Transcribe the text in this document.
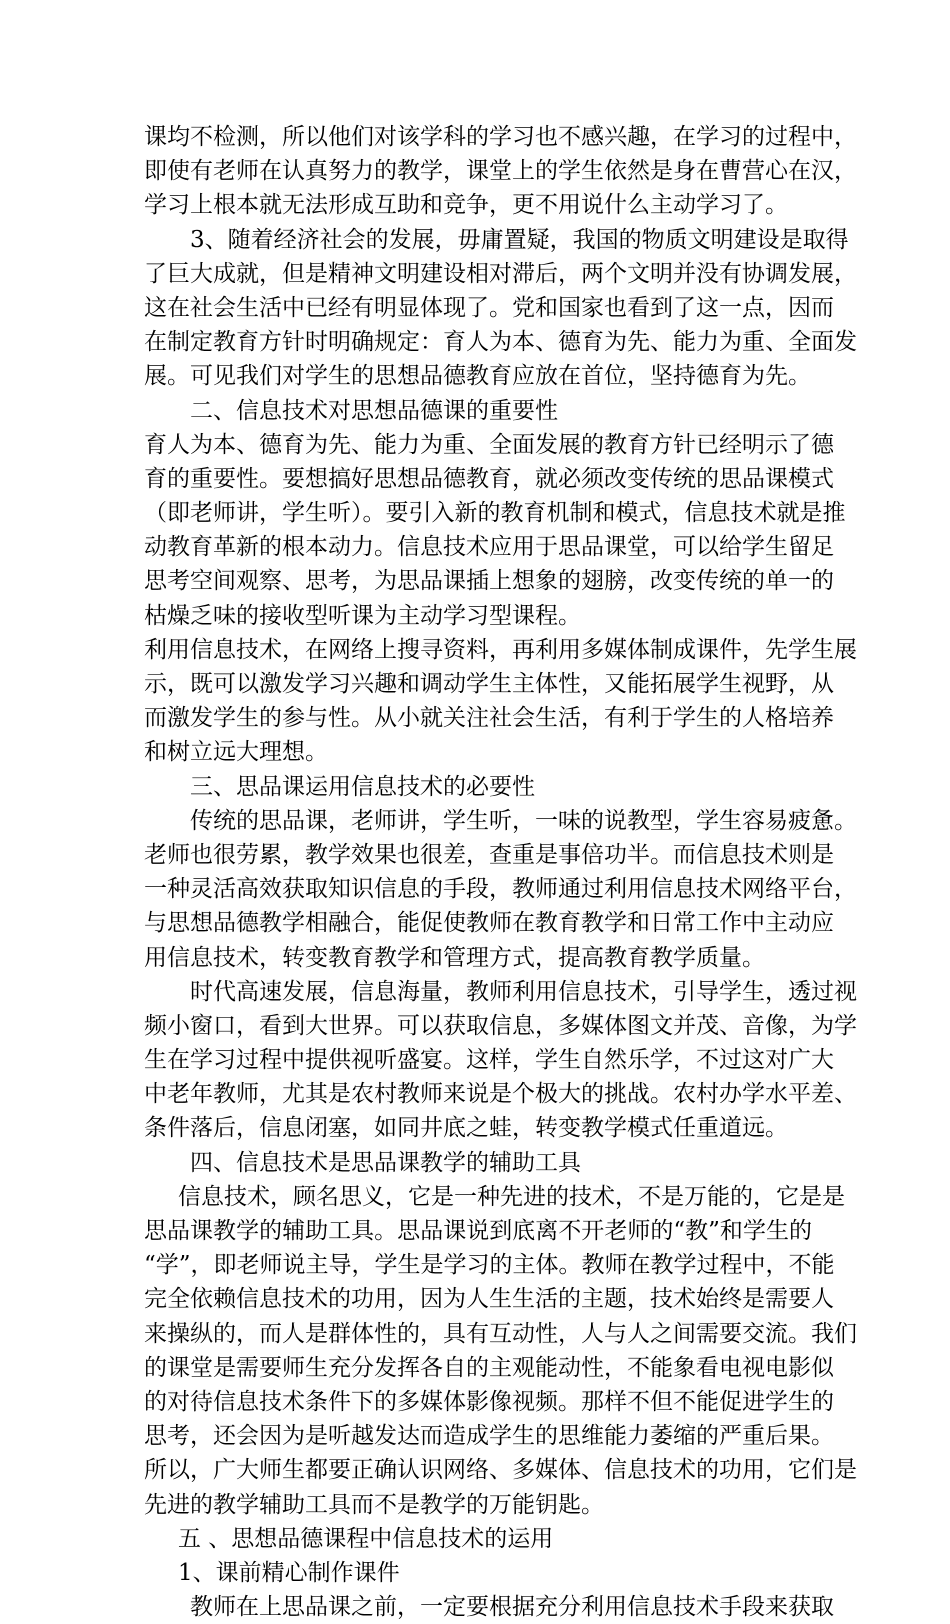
课均不检测，所以他们对该学科的学习也不感兴趣，在学习的过程中，
即使有老师在认真努力的教学，课堂上的学生依然是身在曹营心在汉，
学习上根本就无法形成互助和竞争，更不用说什么主动学习了。
3、随着经济社会的发展，毋庸置疑，我国的物质文明建设是取得
了巨大成就，但是精神文明建设相对滞后，两个文明并没有协调发展，
这在社会生活中已经有明显体现了。党和国家也看到了这一点，因而
在制定教育方针时明确规定：育人为本、德育为先、能力为重、全面发
展。可见我们对学生的思想品德教育应放在首位，坚持德育为先。
二、信息技术对思想品德课的重要性
育人为本、德育为先、能力为重、全面发展的教育方针已经明示了德
育的重要性。要想搞好思想品德教育，就必须改变传统的思品课模式
（即老师讲，学生听）。要引入新的教育机制和模式，信息技术就是推
动教育革新的根本动力。信息技术应用于思品课堂，可以给学生留足
思考空间观察、思考，为思品课插上想象的翅膀，改变传统的单一的
枯燥乏味的接收型听课为主动学习型课程。
利用信息技术，在网络上搜寻资料，再利用多媒体制成课件，先学生展
示，既可以激发学习兴趣和调动学生主体性，又能拓展学生视野，从
而激发学生的参与性。从小就关注社会生活，有利于学生的人格培养
和树立远大理想。
三、思品课运用信息技术的必要性
传统的思品课，老师讲，学生听，一味的说教型，学生容易疲惫。
老师也很劳累，教学效果也很差，查重是事倍功半。而信息技术则是
一种灵活高效获取知识信息的手段，教师通过利用信息技术网络平台，
与思想品德教学相融合，能促使教师在教育教学和日常工作中主动应
用信息技术，转变教育教学和管理方式，提高教育教学质量。
时代高速发展，信息海量，教师利用信息技术，引导学生，透过视
频小窗口，看到大世界。可以获取信息，多媒体图文并茂、音像，为学
生在学习过程中提供视听盛宴。这样，学生自然乐学，不过这对广大
中老年教师，尤其是农村教师来说是个极大的挑战。农村办学水平差、
条件落后，信息闭塞，如同井底之蛙，转变教学模式任重道远。
四、信息技术是思品课教学的辅助工具
信息技术，顾名思义，它是一种先进的技术，不是万能的，它是是
思品课教学的辅助工具。思品课说到底离不开老师的“教”和学生的
“学”，即老师说主导，学生是学习的主体。教师在教学过程中，不能
完全依赖信息技术的功用，因为人生生活的主题，技术始终是需要人
来操纵的，而人是群体性的，具有互动性，人与人之间需要交流。我们
的课堂是需要师生充分发挥各自的主观能动性，不能象看电视电影似
的对待信息技术条件下的多媒体影像视频。那样不但不能促进学生的
思考，还会因为是听越发达而造成学生的思维能力萎缩的严重后果。
所以，广大师生都要正确认识网络、多媒体、信息技术的功用，它们是
先进的教学辅助工具而不是教学的万能钥匙。
五 、思想品德课程中信息技术的运用
1、课前精心制作课件
教师在上思品课之前，一定要根据充分利用信息技术手段来获取
